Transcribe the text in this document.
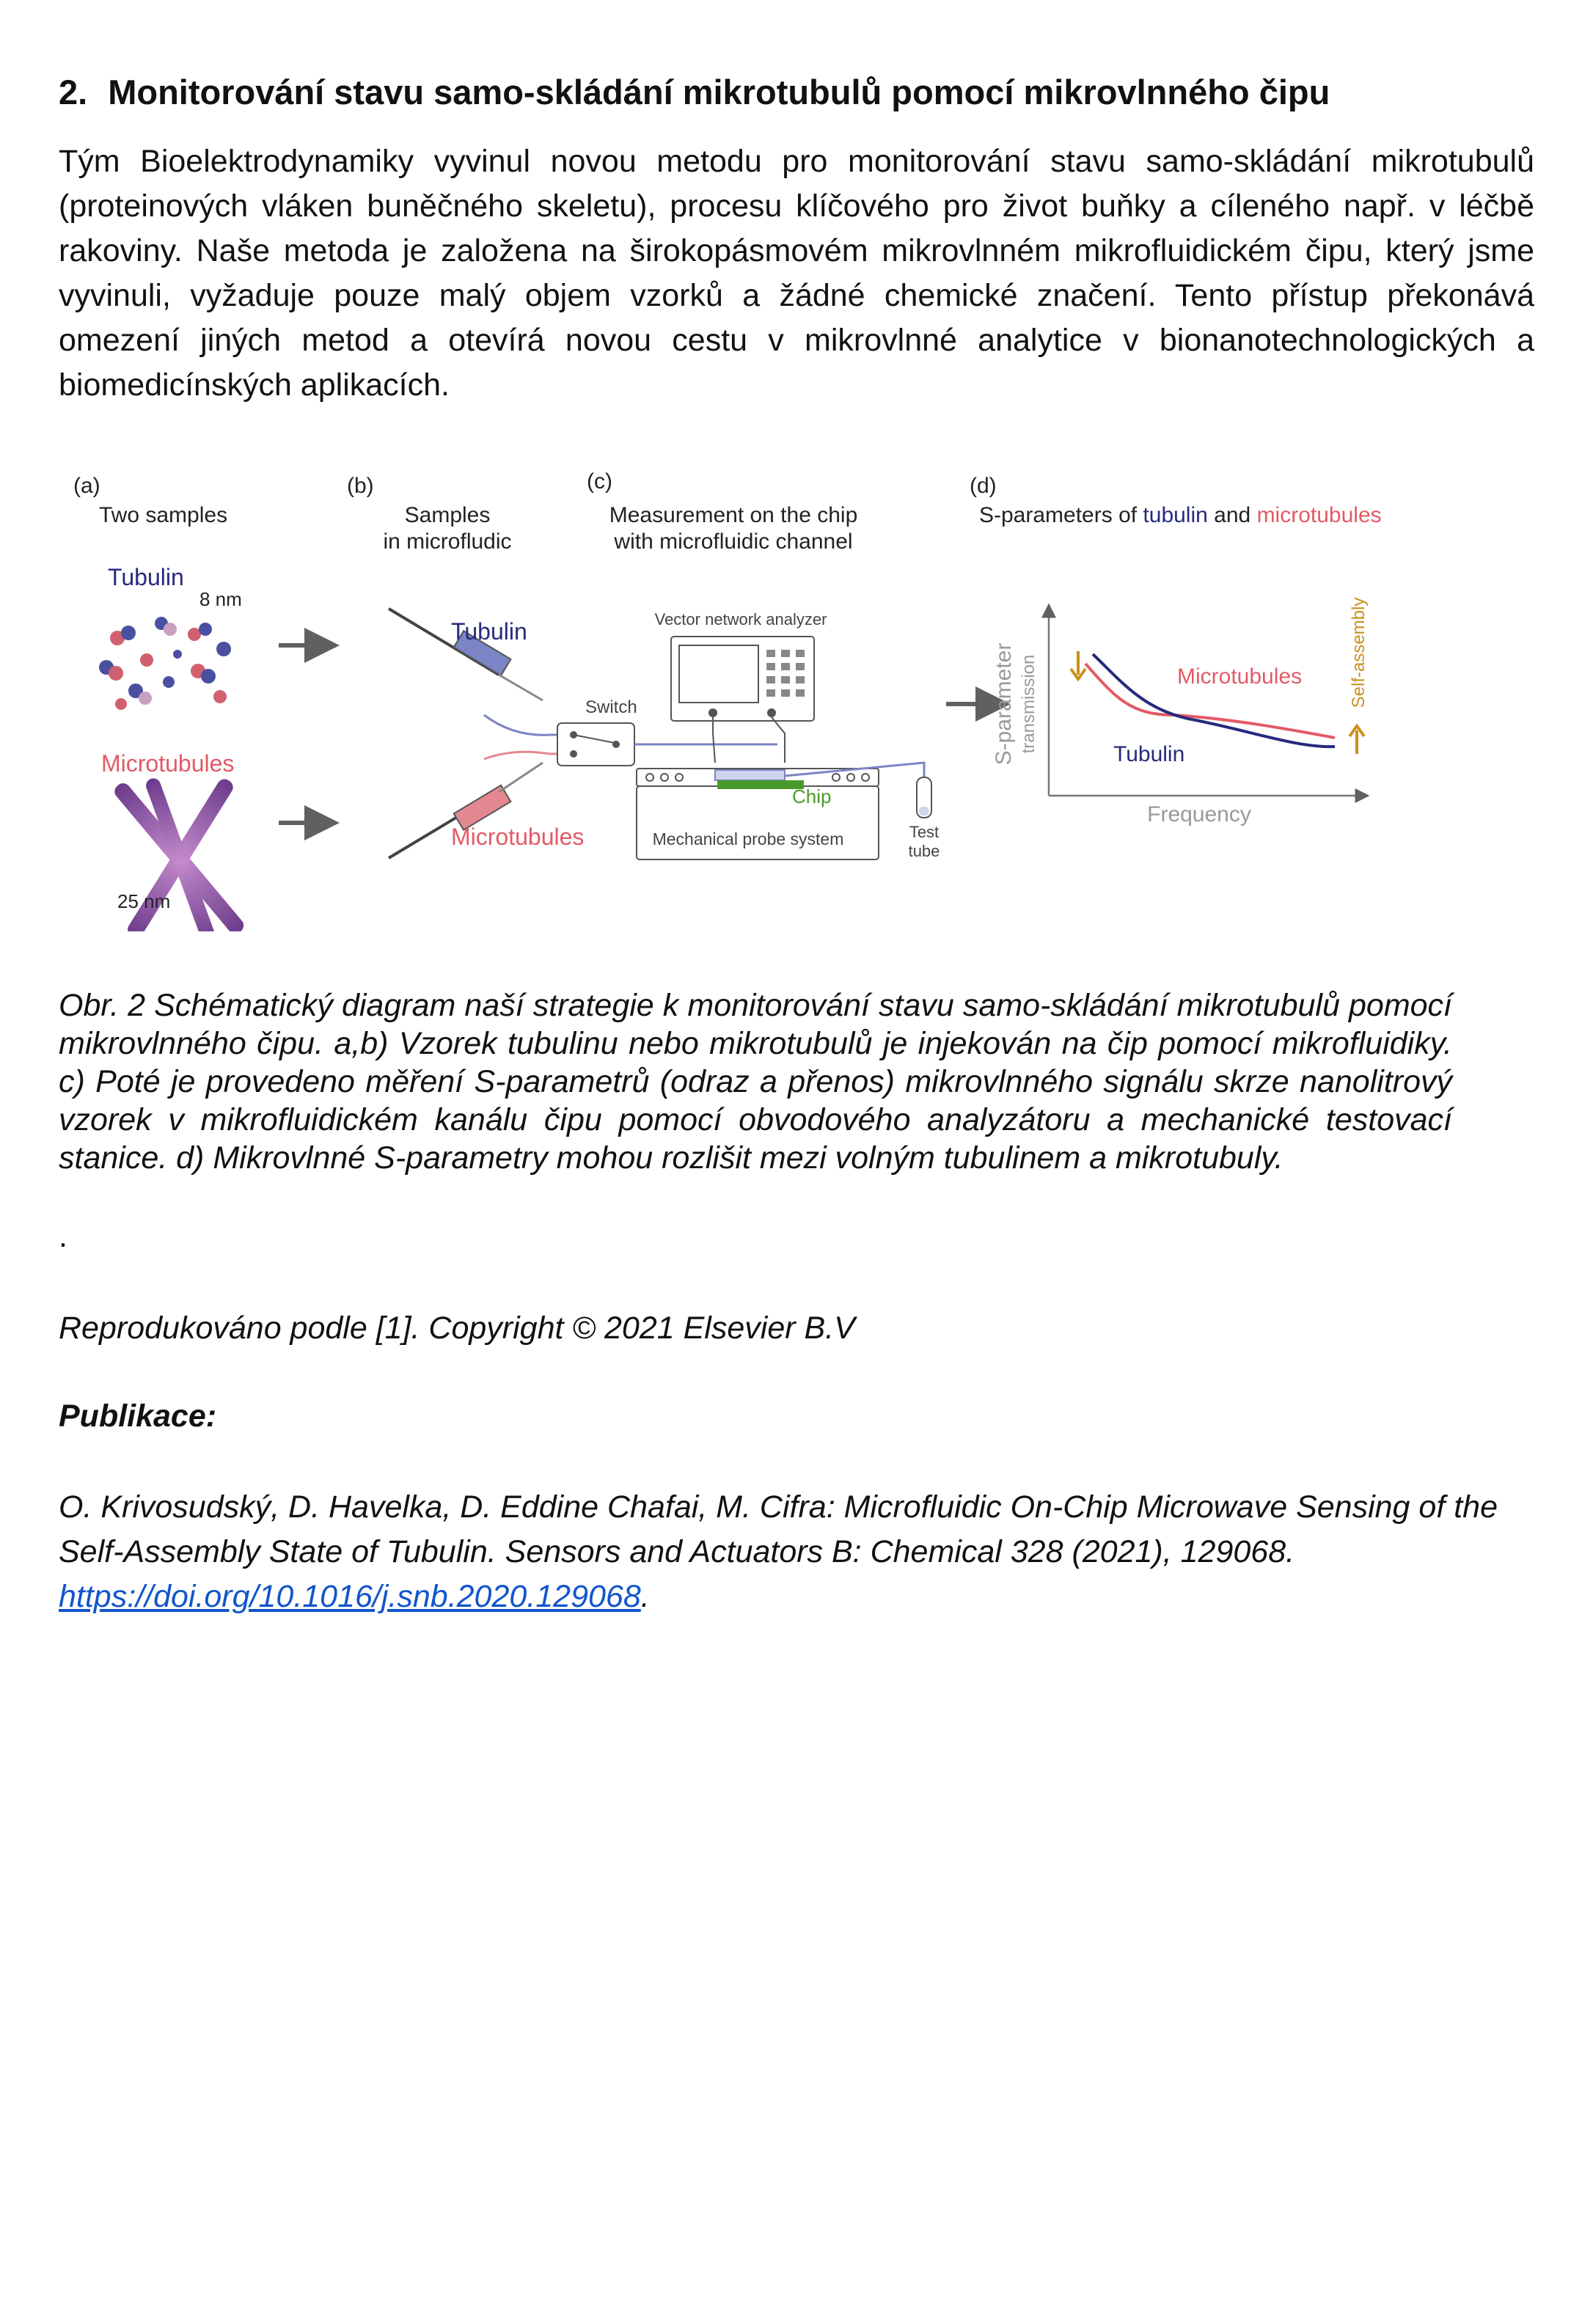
2. Monitorování stavu samo-skládání mikrotubulů pomocí mikrovlnného čipu

Tým Bioelektrodynamiky vyvinul novou metodu pro monitorování stavu samo-skládání mikrotubulů (proteinových vláken buněčného skeletu), procesu klíčového pro život buňky a cíleného např. v léčbě rakoviny. Naše metoda je založena na širokopásmovém mikrovlnném mikrofluidickém čipu, který jsme vyvinuli, vyžaduje pouze malý objem vzorků a žádné chemické značení. Tento přístup překonává omezení jiných metod a otevírá novou cestu v mikrovlnné analytice v bionanotechnologických a biomedicínských aplikacích.

(a)
Two samples
Tubulin
8 nm
Microtubules
25 nm
(b)
Samples
in microfludic
Tubulin
Microtubules
Switch
(c)
Measurement on the chip
with microfluidic channel
Vector network analyzer
Chip
Mechanical probe system	Test
tube
(d)
S-parameters of tubulin and microtubules
S-parameter transmission
Frequency
Microtubules
Tubulin
Self-assembly

Obr. 2 Schématický diagram naší strategie k monitorování stavu samo-skládání mikrotubulů pomocí mikrovlnného čipu. a,b) Vzorek tubulinu nebo mikrotubulů je injekován na čip pomocí mikrofluidiky. c) Poté je provedeno měření S-parametrů (odraz a přenos) mikrovlnného signálu skrze nanolitrový vzorek v mikrofluidickém kanálu čipu pomocí obvodového analyzátoru a mechanické testovací stanice. d) Mikrovlnné S-parametry mohou rozlišit mezi volným tubulinem a mikrotubuly.

.

Reprodukováno podle [1]. Copyright © 2021 Elsevier B.V

Publikace:

O. Krivosudský, D. Havelka, D. Eddine Chafai, M. Cifra: Microfluidic On-Chip Microwave Sensing of the Self-Assembly State of Tubulin. Sensors and Actuators B: Chemical 328 (2021), 129068.
https://doi.org/10.1016/j.snb.2020.129068.
